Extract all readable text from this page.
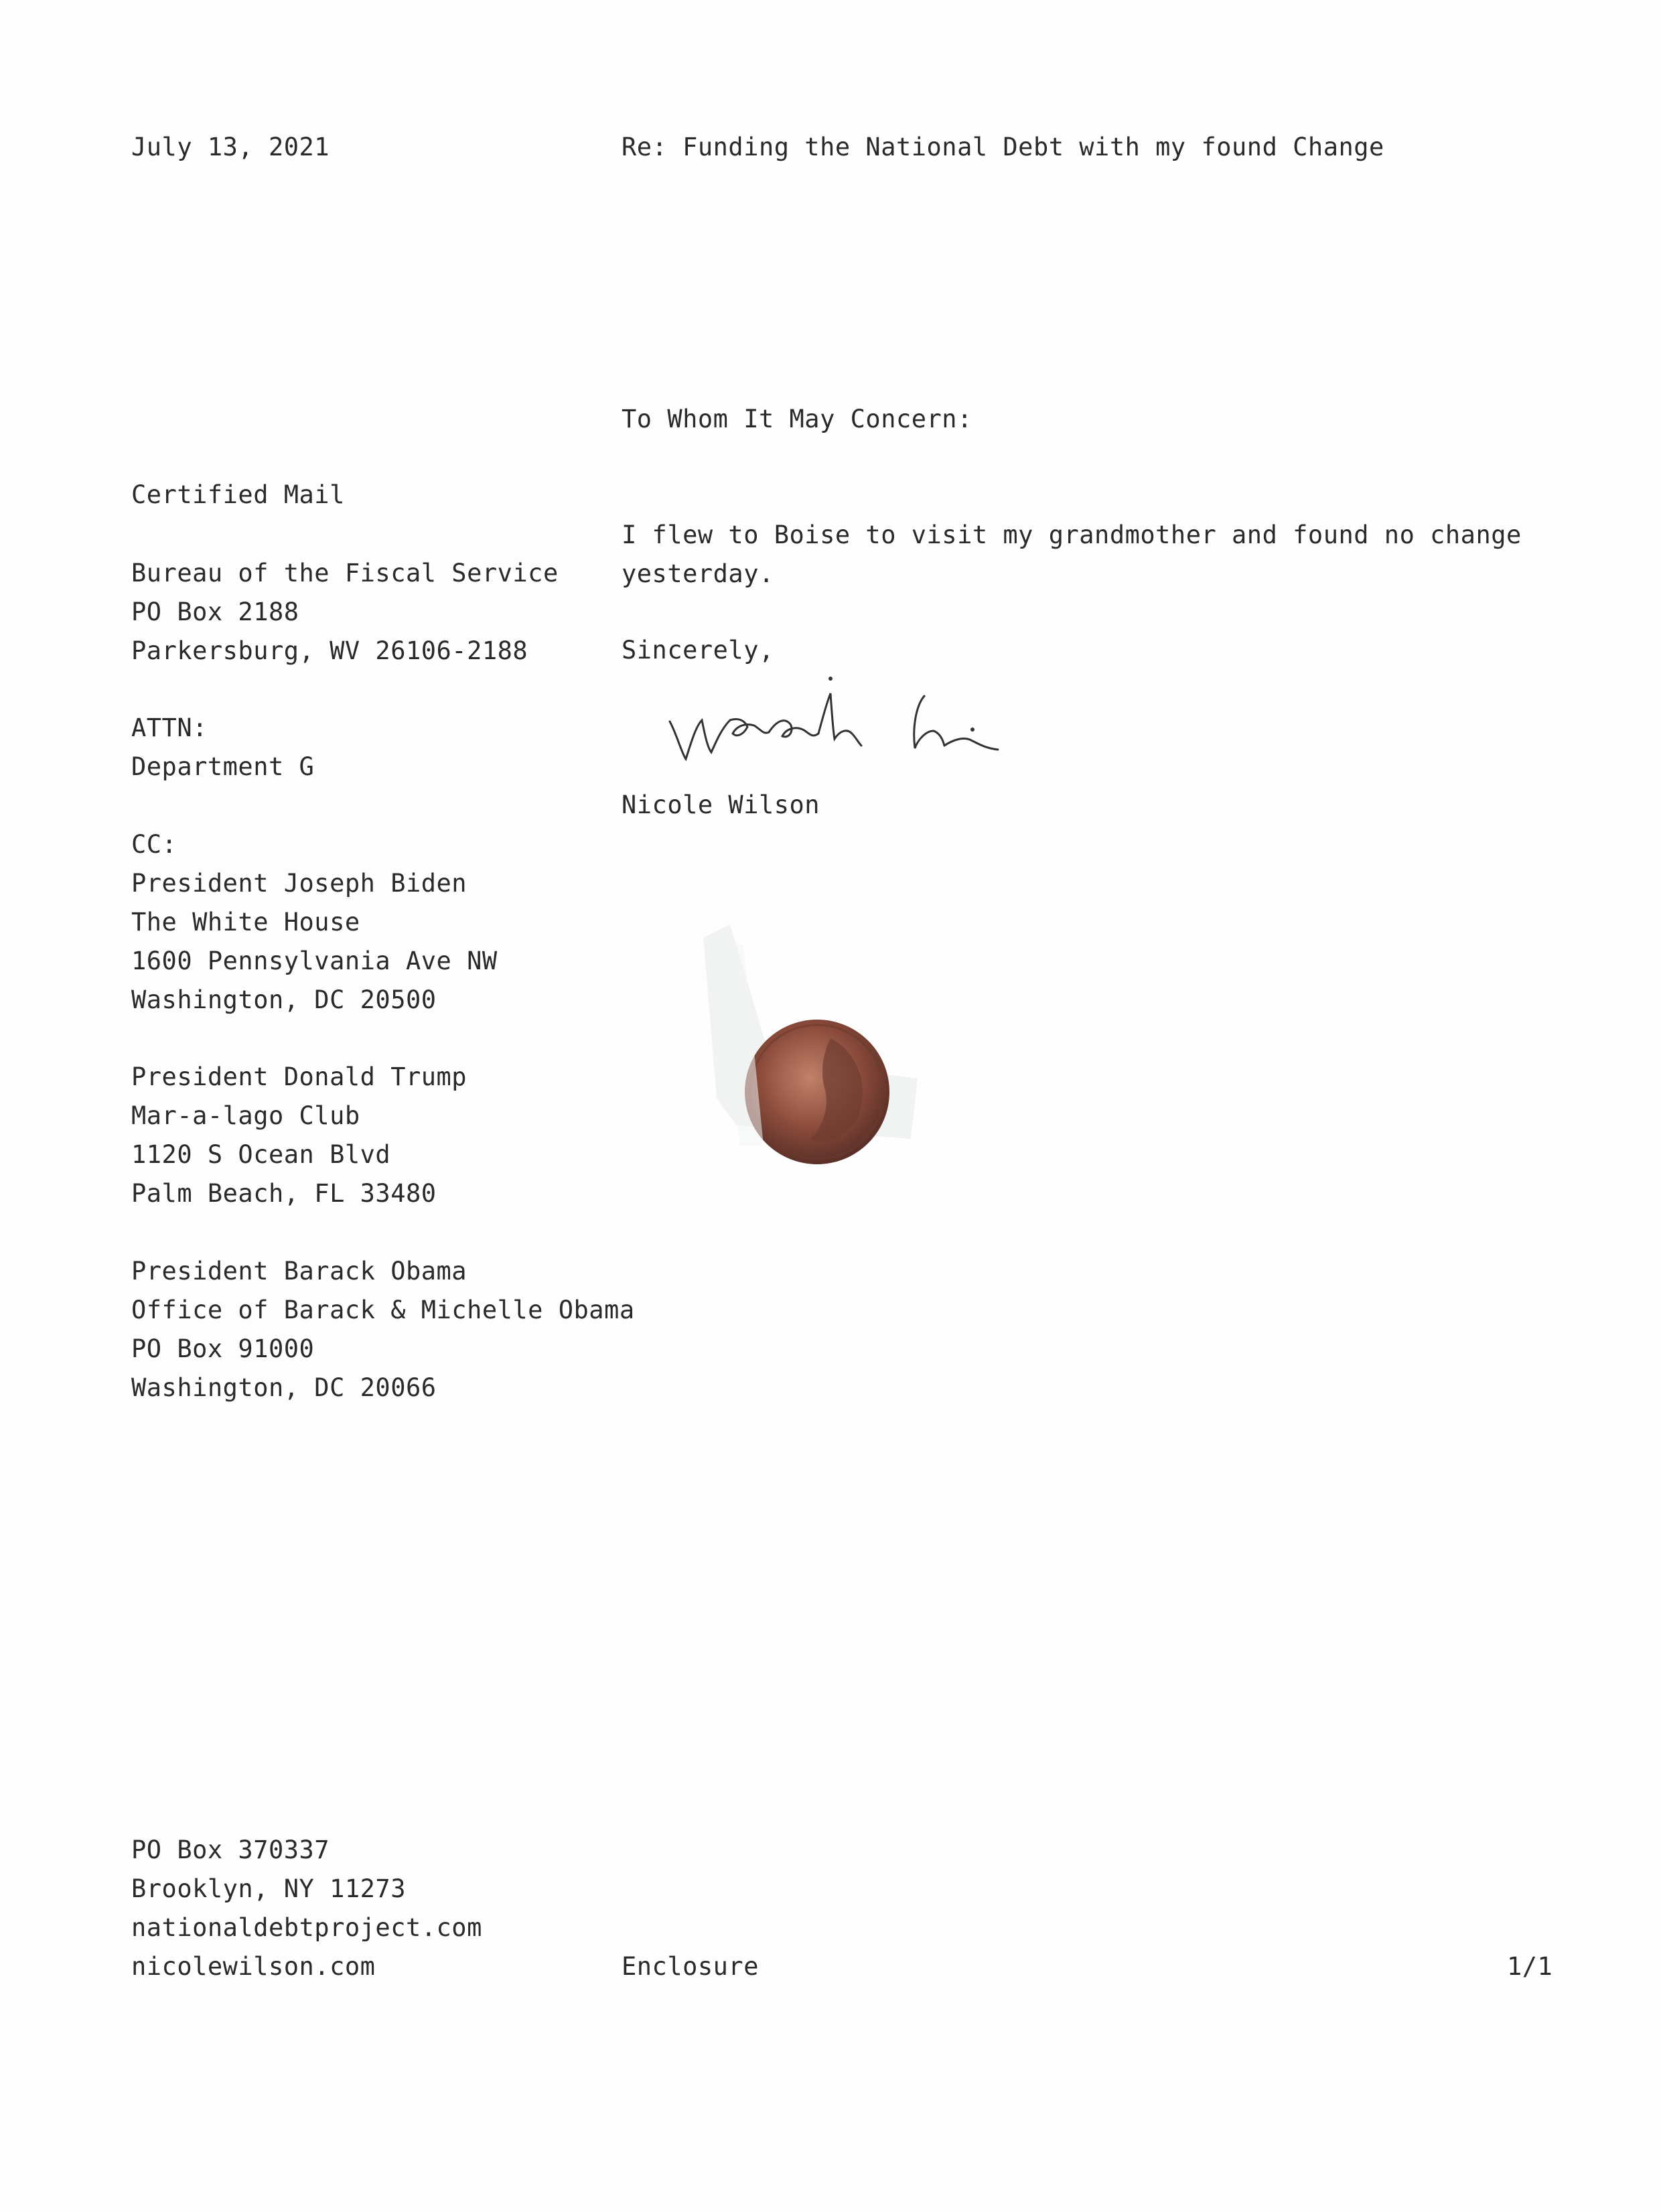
July 13, 2021	Re: Funding the National Debt with my found Change
To Whom It May Concern:
Certified Mail
Bureau of the Fiscal Service
PO Box 2188
Parkersburg, WV 26106-2188
ATTN:
Department G
CC:
President Joseph Biden
The White House
1600 Pennsylvania Ave NW
Washington, DC 20500
President Donald Trump
Mar-a-lago Club
1120 S Ocean Blvd
Palm Beach, FL 33480
President Barack Obama
Office of Barack & Michelle Obama
PO Box 91000
Washington, DC 20066
I flew to Boise to visit my grandmother and found no change
yesterday.
Sincerely,
Nicole Wilson
PO Box 370337
Brooklyn, NY 11273
nationaldebtproject.com
nicolewilson.com	Enclosure	1/1
